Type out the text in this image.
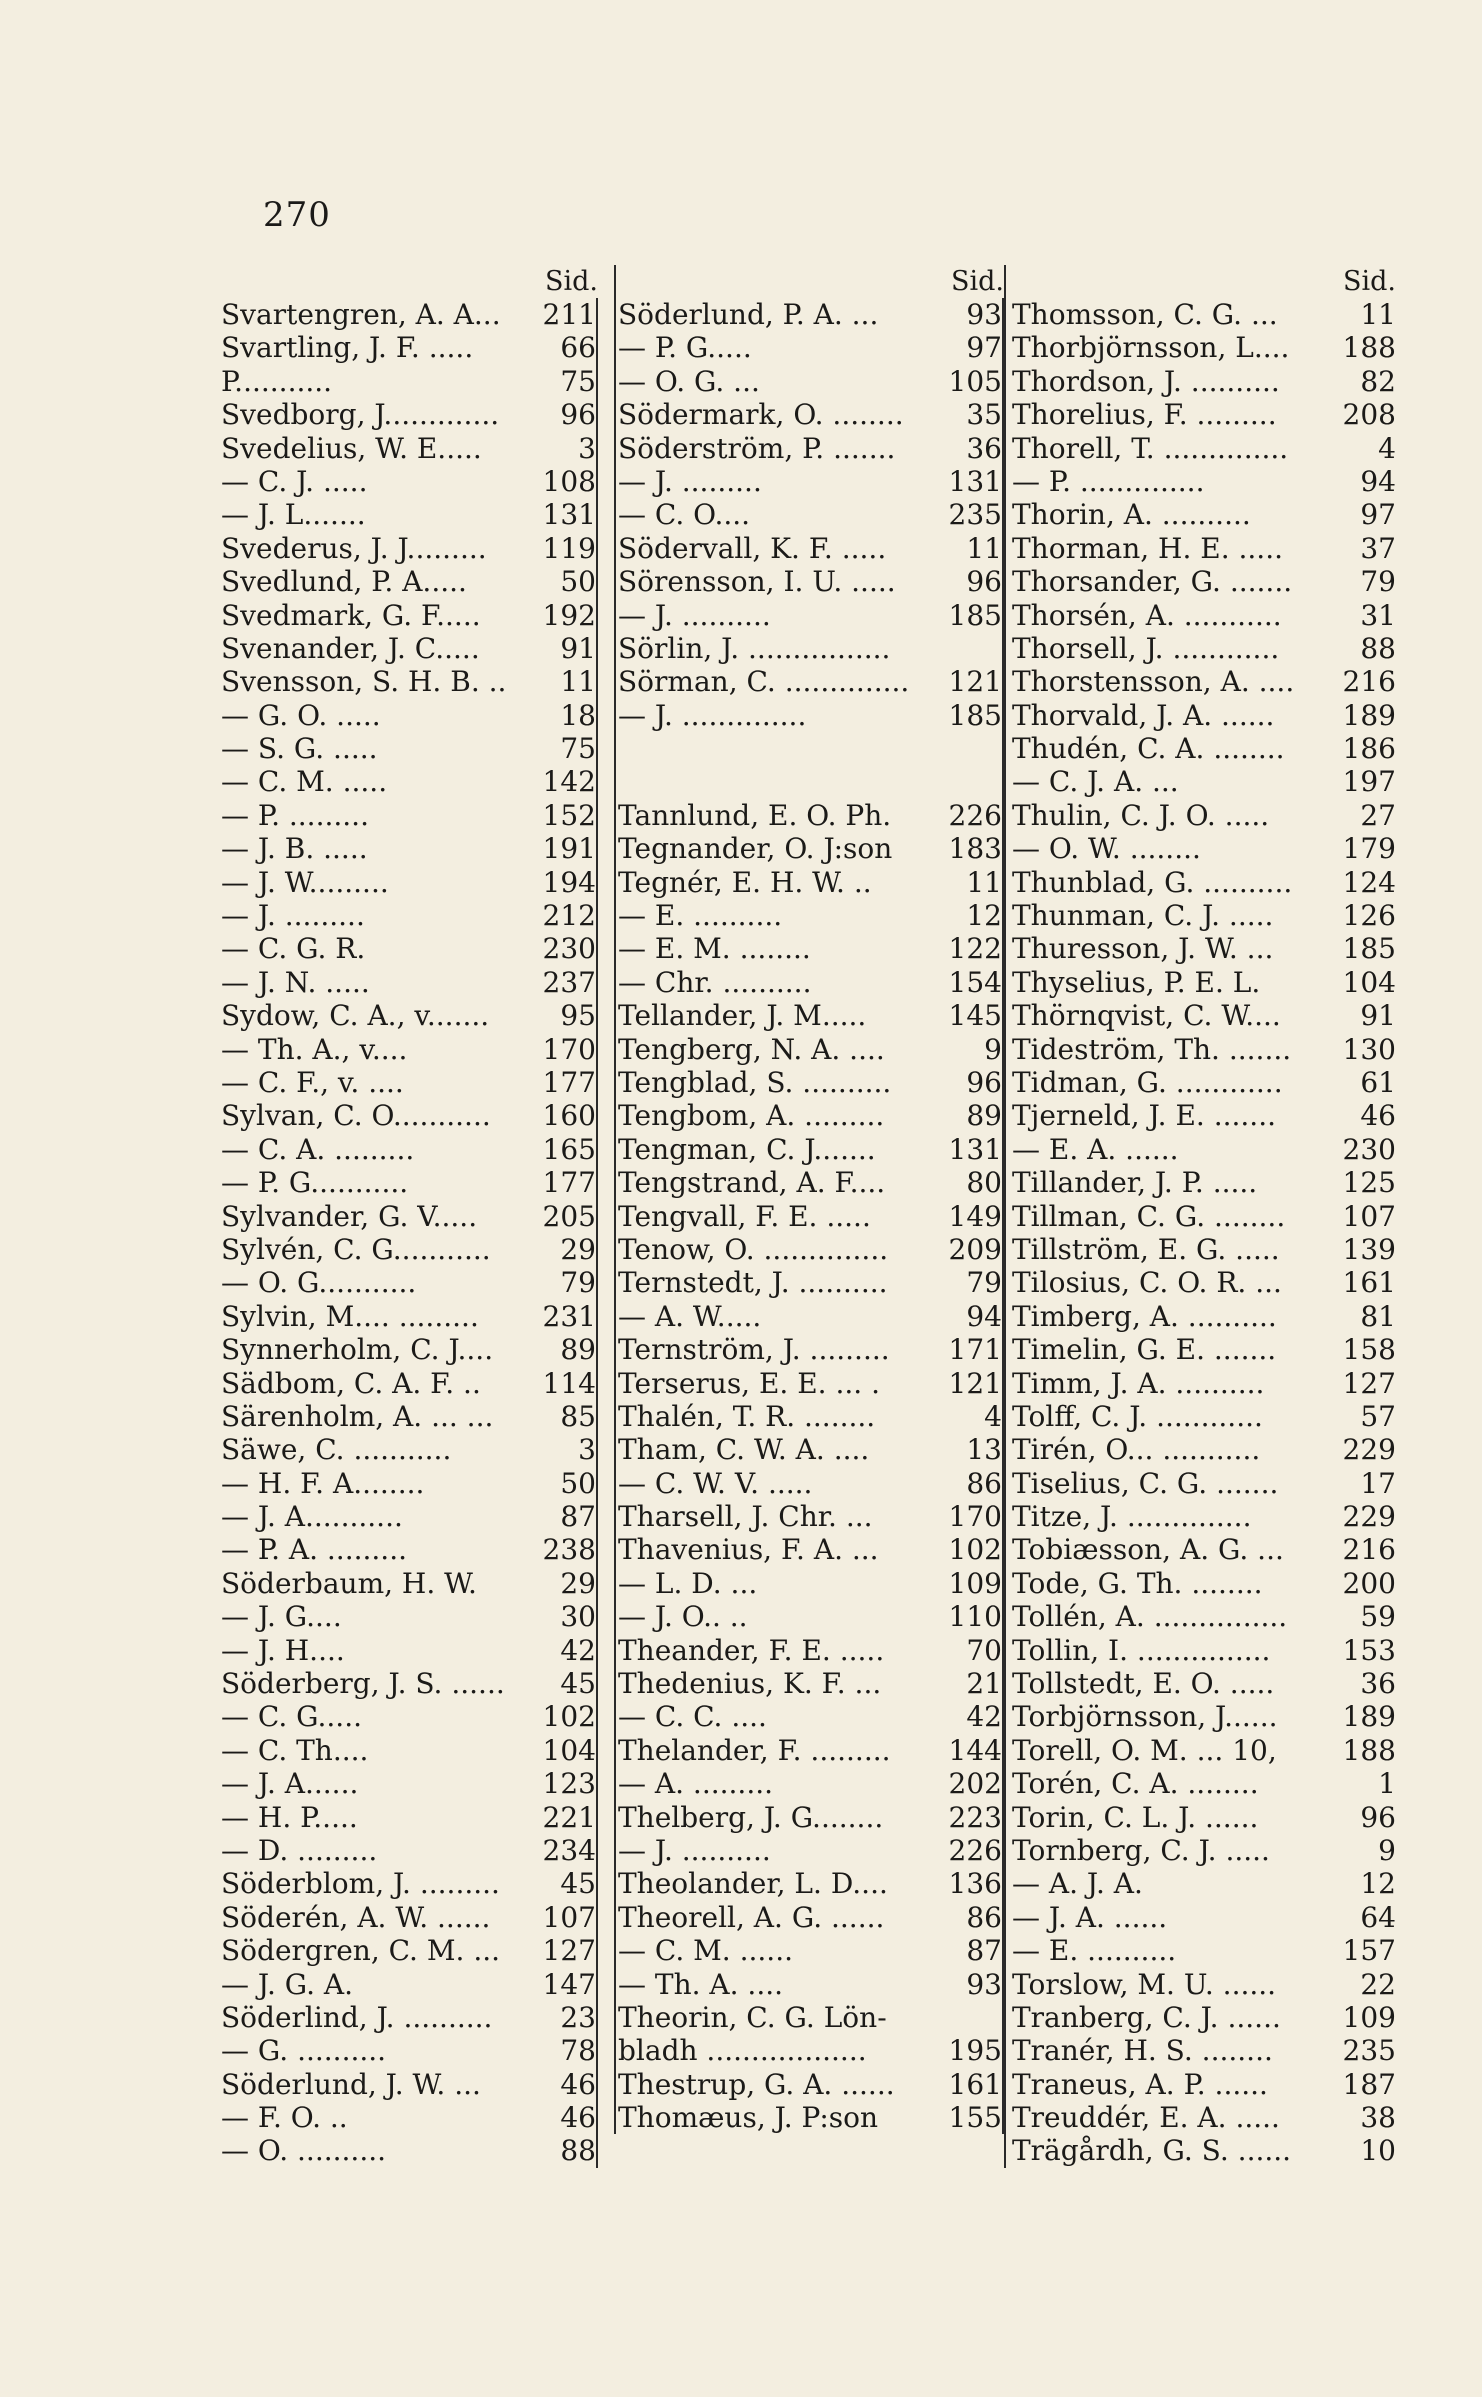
270
Sid.
Svartengren, A. A...	211
Svartling, J. F. .....	66
P...........	75
Svedborg, J.............	96
Svedelius, W. E.....	3
— C. J. .....	108
— J. L.......	131
Svederus, J. J.........	119
Svedlund, P. A.....	50
Svedmark, G. F.....	192
Svenander, J. C.....	91
Svensson, S. H. B. ..	11
— G. O. .....	18
— S. G. .....	75
— C. M. .....	142
— P. .........	152
— J. B. .....	191
— J. W.........	194
— J. .........	212
— C. G. R.	230
— J. N. .....	237
Sydow, C. A., v.......	95
— Th. A., v....	170
— C. F., v. ....	177
Sylvan, C. O...........	160
— C. A. .........	165
— P. G...........	177
Sylvander, G. V.....	205
Sylvén, C. G...........	29
— O. G...........	79
Sylvin, M.... .........	231
Synnerholm, C. J....	89
Sädbom, C. A. F. ..	114
Särenholm, A. ... ...	85
Säwe, C. ...........	3
— H. F. A........	50
— J. A...........	87
— P. A. .........	238
Söderbaum, H. W.	29
— J. G....	30
— J. H....	42
Söderberg, J. S. ......	45
— C. G.....	102
— C. Th....	104
— J. A......	123
— H. P.....	221
— D. .........	234
Söderblom, J. .........	45
Söderén, A. W. ......	107
Södergren, C. M. ...	127
— J. G. A.	147
Söderlind, J. ..........	23
— G. ..........	78
Söderlund, J. W. ...	46
— F. O. ..	46
— O. ..........	88
Sid.
Söderlund, P. A. ...	93
— P. G.....	97
— O. G. ...	105
Södermark, O. ........	35
Söderström, P. .......	36
— J. .........	131
— C. O....	235
Södervall, K. F. .....	11
Sörensson, I. U. .....	96
— J. ..........	185
Sörlin, J. ................
Sörman, C. ..............	121
— J. ..............	185
Tannlund, E. O. Ph.	226
Tegnander, O. J:son	183
Tegnér, E. H. W. ..	11
— E. ..........	12
— E. M. ........	122
— Chr. ..........	154
Tellander, J. M.....	145
Tengberg, N. A. ....	9
Tengblad, S. ..........	96
Tengbom, A. .........	89
Tengman, C. J.......	131
Tengstrand, A. F....	80
Tengvall, F. E. .....	149
Tenow, O. ..............	209
Ternstedt, J. ..........	79
— A. W.....	94
Ternström, J. .........	171
Terserus, E. E. ... .	121
Thalén, T. R. ........	4
Tham, C. W. A. ....	13
— C. W. V. .....	86
Tharsell, J. Chr. ...	170
Thavenius, F. A. ...	102
— L. D. ...	109
— J. O.. ..	110
Theander, F. E. .....	70
Thedenius, K. F. ...	21
— C. C. ....	42
Thelander, F. .........	144
— A. .........	202
Thelberg, J. G........	223
— J. ..........	226
Theolander, L. D....	136
Theorell, A. G. ......	86
— C. M. ......	87
— Th. A. ....	93
Theorin, C. G. Lön-
bladh ..................	195
Thestrup, G. A. ......	161
Thomæus, J. P:son	155
Sid.
Thomsson, C. G. ...	11
Thorbjörnsson, L....	188
Thordson, J. ..........	82
Thorelius, F. .........	208
Thorell, T. ..............	4
— P. ..............	94
Thorin, A. ..........	97
Thorman, H. E. .....	37
Thorsander, G. .......	79
Thorsén, A. ...........	31
Thorsell, J. ............	88
Thorstensson, A. ....	216
Thorvald, J. A. ......	189
Thudén, C. A. ........	186
— C. J. A. ...	197
Thulin, C. J. O. .....	27
— O. W. ........	179
Thunblad, G. ..........	124
Thunman, C. J. .....	126
Thuresson, J. W. ...	185
Thyselius, P. E. L.	104
Thörnqvist, C. W....	91
Tideström, Th. .......	130
Tidman, G. ............	61
Tjerneld, J. E. .......	46
— E. A. ......	230
Tillander, J. P. .....	125
Tillman, C. G. ........	107
Tillström, E. G. .....	139
Tilosius, C. O. R. ...	161
Timberg, A. ..........	81
Timelin, G. E. .......	158
Timm, J. A. ..........	127
Tolff, C. J. ............	57
Tirén, O... ...........	229
Tiselius, C. G. .......	17
Titze, J. ..............	229
Tobiæsson, A. G. ...	216
Tode, G. Th. ........	200
Tollén, A. ...............	59
Tollin, I. ...............	153
Tollstedt, E. O. .....	36
Torbjörnsson, J......	189
Torell, O. M. ... 10,	188
Torén, C. A. ........	1
Torin, C. L. J. ......	96
Tornberg, C. J. .....	9
— A. J. A.	12
— J. A. ......	64
— E. ..........	157
Torslow, M. U. ......	22
Tranberg, C. J. ......	109
Tranér, H. S. ........	235
Traneus, A. P. ......	187
Treuddér, E. A. .....	38
Trägårdh, G. S. ......	10
